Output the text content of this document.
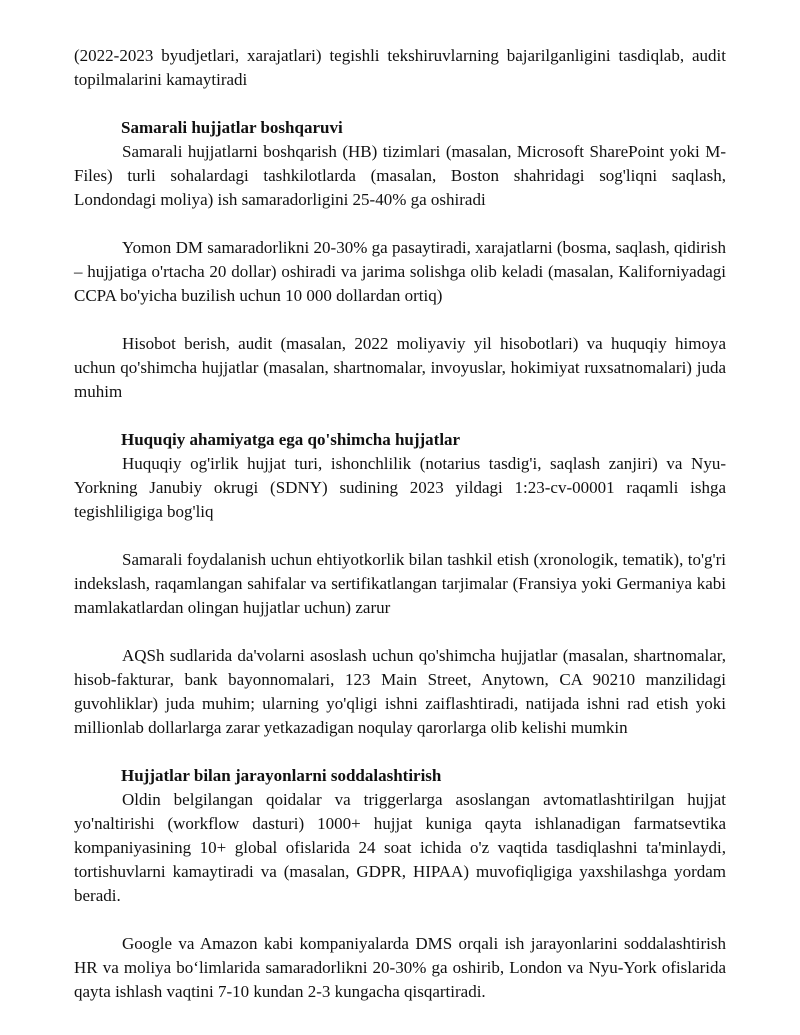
(2022-2023 byudjetlari, xarajatlari) tegishli tekshiruvlarning bajarilganligini tasdiqlab, audit topilmalarini kamaytiradi

Samarali hujjatlar boshqaruvi

Samarali hujjatlarni boshqarish (HB) tizimlari (masalan, Microsoft SharePoint yoki M-Files) turli sohalardagi tashkilotlarda (masalan, Boston shahridagi sog'liqni saqlash, Londondagi moliya) ish samaradorligini 25-40% ga oshiradi

Yomon DM samaradorlikni 20-30% ga pasaytiradi, xarajatlarni (bosma, saqlash, qidirish – hujjatiga o'rtacha 20 dollar) oshiradi va jarima solishga olib keladi (masalan, Kaliforniyadagi CCPA bo'yicha buzilish uchun 10 000 dollardan ortiq)

Hisobot berish, audit (masalan, 2022 moliyaviy yil hisobotlari) va huquqiy himoya uchun qo'shimcha hujjatlar (masalan, shartnomalar, invoyuslar, hokimiyat ruxsatnomalari) juda muhim

Huquqiy ahamiyatga ega qo'shimcha hujjatlar

Huquqiy og'irlik hujjat turi, ishonchlilik (notarius tasdig'i, saqlash zanjiri) va Nyu-Yorkning Janubiy okrugi (SDNY) sudining 2023 yildagi 1:23-cv-00001 raqamli ishga tegishliligiga bog'liq

Samarali foydalanish uchun ehtiyotkorlik bilan tashkil etish (xronologik, tematik), to'g'ri indekslash, raqamlangan sahifalar va sertifikatlangan tarjimalar (Fransiya yoki Germaniya kabi mamlakatlardan olingan hujjatlar uchun) zarur

AQSh sudlarida da'volarni asoslash uchun qo'shimcha hujjatlar (masalan, shartnomalar, hisob-fakturar, bank bayonnomalari, 123 Main Street, Anytown, CA 90210 manzilidagi guvohliklar) juda muhim; ularning yo'qligi ishni zaiflashtiradi, natijada ishni rad etish yoki millionlab dollarlarga zarar yetkazadigan noqulay qarorlarga olib kelishi mumkin

Hujjatlar bilan jarayonlarni soddalashtirish

Oldin belgilangan qoidalar va triggerlarga asoslangan avtomatlashtirilgan hujjat yo'naltirishi (workflow dasturi) 1000+ hujjat kuniga qayta ishlanadigan farmatsevtika kompaniyasining 10+ global ofislarida 24 soat ichida o'z vaqtida tasdiqlashni ta'minlaydi, tortishuvlarni kamaytiradi va (masalan, GDPR, HIPAA) muvofiqligiga yaxshilashga yordam beradi.

Google va Amazon kabi kompaniyalarda DMS orqali ish jarayonlarini soddalashtirish HR va moliya bo‘limlarida samaradorlikni 20-30% ga oshirib, London va Nyu-York ofislarida qayta ishlash vaqtini 7-10 kundan 2-3 kungacha qisqartiradi.
